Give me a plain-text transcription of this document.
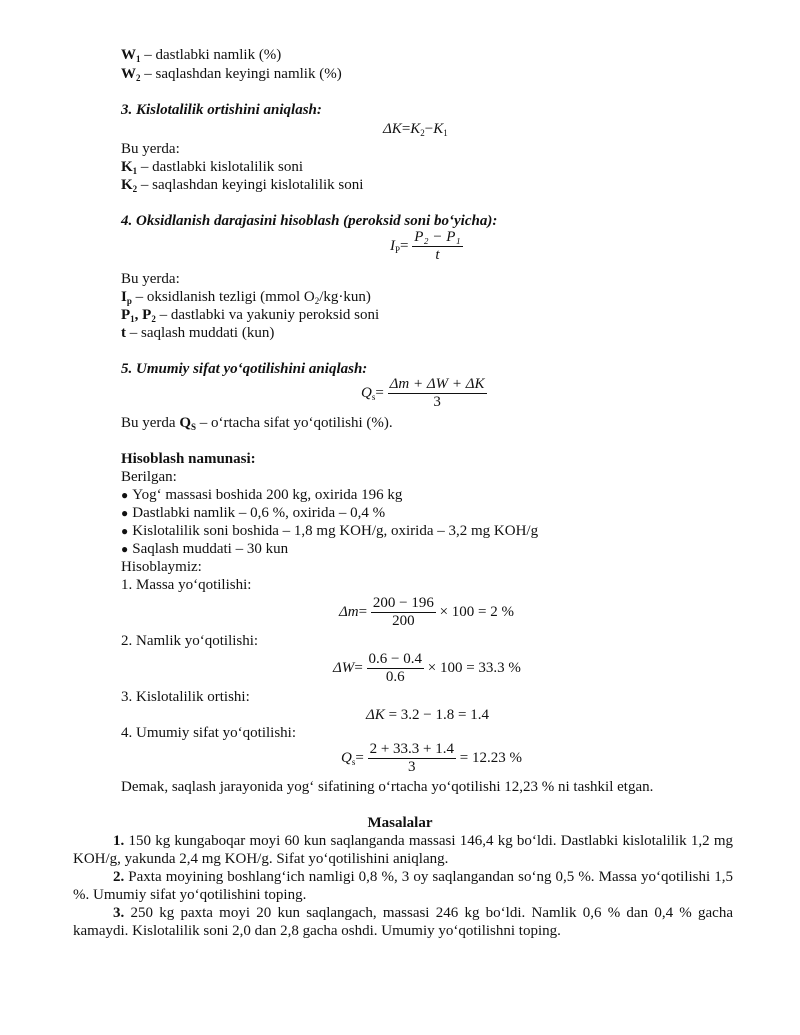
$W_1$ – dastlabki namlik (%)
$W_2$ – saqlashdan keyingi namlik (%)
3. Kislotalilik ortishini aniqlash:
$\Delta K=K_2-K_1$
Bu yerda:
$K_1$ – dastlabki kislotalilik soni
$K_2$ – saqlashdan keyingi kislotalilik soni
4. Oksidlanish darajasini hisoblash (peroksid soni bo‘yicha):
$I_P= \frac{\text{P₂ − P₁}}{t}$
Bu yerda:
$I_p$ – oksidlanish tezligi (mmol $O_2/kg\cdot kun$)
$P_1$, $P_2$ – dastlabki va yakuniy peroksid soni
t – saqlash muddati (kun)
5. Umumiy sifat yo‘qotilishini aniqlash:
$Q_s= \frac{\Delta m + \Delta W + \Delta K}{3}$
Bu yerda $Q_S$ – o‘rtacha sifat yo‘qotilishi (%).
Hisoblash namunasi:
Berilgan:
● Yog‘ massasi boshida 200 kg, oxirida 196 kg
● Dastlabki namlik – 0,6 %, oxirida – 0,4 %
● Kislotalilik soni boshida – 1,8 mg KOH/g, oxirida – 3,2 mg KOH/g
● Saqlash muddati – 30 kun
Hisoblaymiz:
1. Massa yo‘qotilishi:
$\Delta m= \frac{200 - 196}{200} \times 100 = 2$ %
2. Namlik yo‘qotilishi:
$\Delta W= \frac{0.6 - 0.4}{0.6} \times 100 = 33.3$ %
3. Kislotalilik ortishi:
ΔK = 3.2 − 1.8 = 1.4
4. Umumiy sifat yo‘qotilishi:
$Q_s= \frac{2 + 33.3 + 1.4}{3} = 12.23$ %
Demak, saqlash jarayonida yog‘ sifatining o‘rtacha yo‘qotilishi 12,23 % ni tashkil etgan.
Masalalar
1. 150 kg kungaboqar moyi 60 kun saqlanganda massasi 146,4 kg bo‘ldi. Dastlabki kislotalilik 1,2 mg KOH/g, yakunda 2,4 mg KOH/g. Sifat yo‘qotilishini aniqlang.
2. Paxta moyining boshlang‘ich namligi 0,8 %, 3 oy saqlangandan so‘ng 0,5 %. Massa yo‘qotilishi 1,5 %. Umumiy sifat yo‘qotilishini toping.
3. 250 kg paxta moyi 20 kun saqlangach, massasi 246 kg bo‘ldi. Namlik 0,6 % dan 0,4 % gacha kamaydi. Kislotalilik soni 2,0 dan 2,8 gacha oshdi. Umumiy yo‘qotilishni toping.
